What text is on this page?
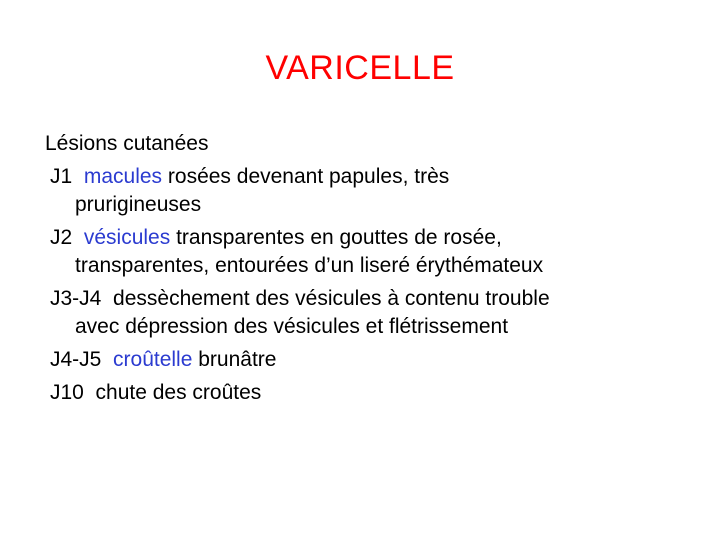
VARICELLE

Lésions cutanées

J1 macules rosées devenant papules, très

prurigineuses

J2 vésicules transparentes en gouttes de rosée,

transparentes, entourées d’un liseré érythémateux

J3-J4 dessèchement des vésicules à contenu trouble

avec dépression des vésicules et flétrissement

J4-J5 croûtelle brunâtre

J10 chute des croûtes
